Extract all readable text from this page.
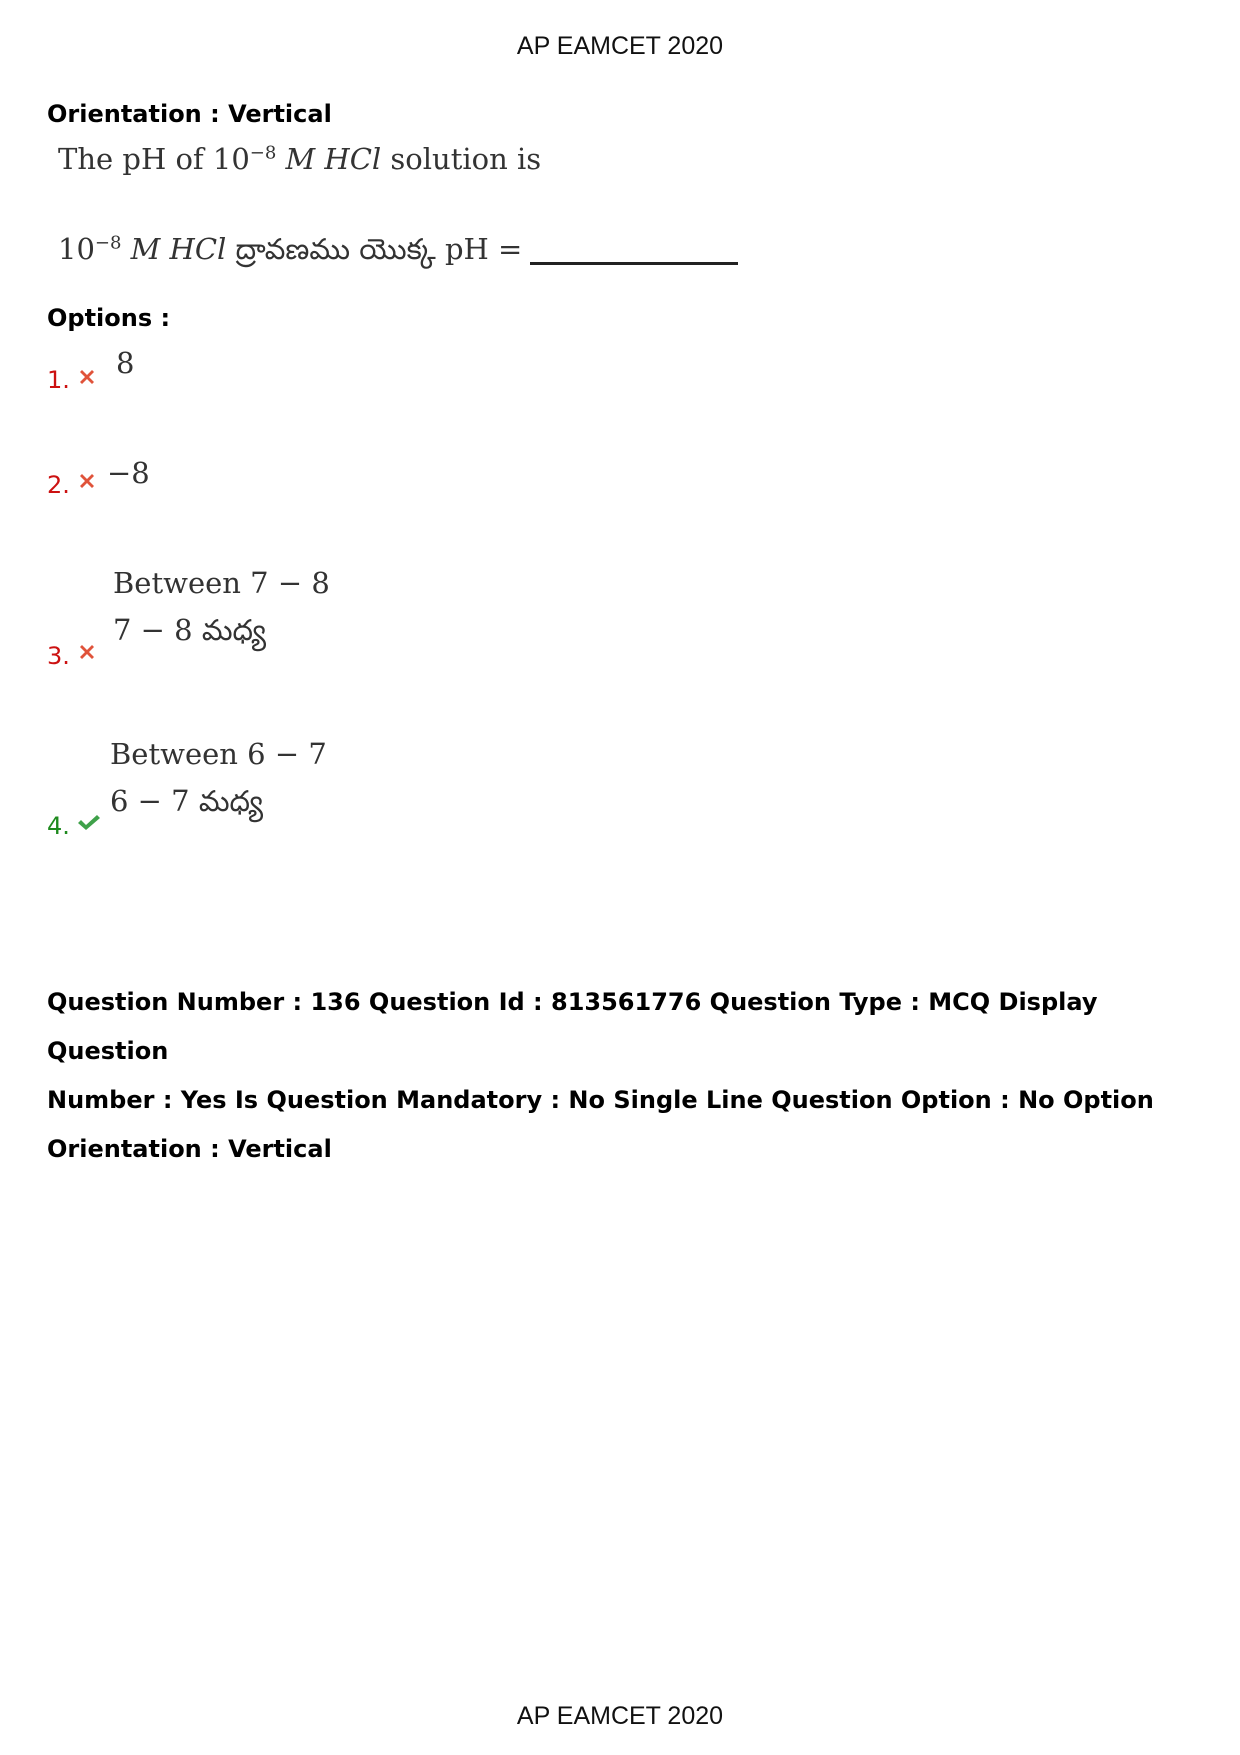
AP EAMCET 2020
Orientation : Vertical
The pH of $10^{-8}$ M HCl solution is
$10^{-8}$ M HCl ద్రావణము యొక్క pH =
Options :
1. 8
2. −8
3.
Between 7 − 8
7 − 8 మధ్య
4.
Between 6 − 7
6 − 7 మధ్య
Question Number : 136 Question Id : 813561776 Question Type : MCQ Display Question
Number : Yes Is Question Mandatory : No Single Line Question Option : No Option
Orientation : Vertical
AP EAMCET 2020
